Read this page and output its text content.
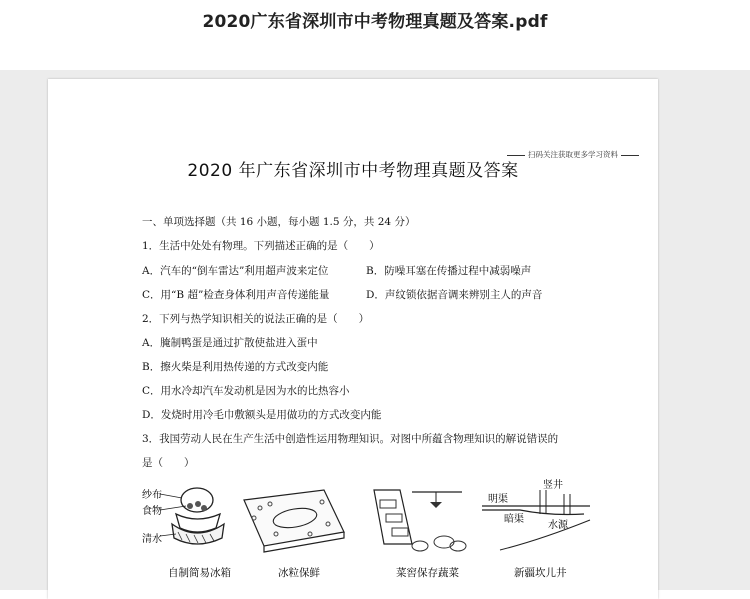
2020广东省深圳市中考物理真题及答案.pdf
扫码关注获取更多学习资料
2020 年广东省深圳市中考物理真题及答案
一、单项选择题（共 16 小题，每小题 1.5 分，共 24 分）
1．生活中处处有物理。下列描述正确的是（　　）
A．汽车的“倒车雷达”利用超声波来定位	B．防噪耳塞在传播过程中减弱噪声
C．用“B 超”检查身体利用声音传递能量	D．声纹锁依据音调来辨别主人的声音
2．下列与热学知识相关的说法正确的是（　　）
A．腌制鸭蛋是通过扩散使盐进入蛋中
B．擦火柴是利用热传递的方式改变内能
C．用水冷却汽车发动机是因为水的比热容小
D．发烧时用冷毛巾敷额头是用做功的方式改变内能
3．我国劳动人民在生产生活中创造性运用物理知识。对图中所蕴含物理知识的解说错误的
是（　　）
纱布
食物
清水
自制简易冰箱	冰粒保鲜	菜窖保存蔬菜
竖井
明渠
暗渠
水源
新疆坎儿井
